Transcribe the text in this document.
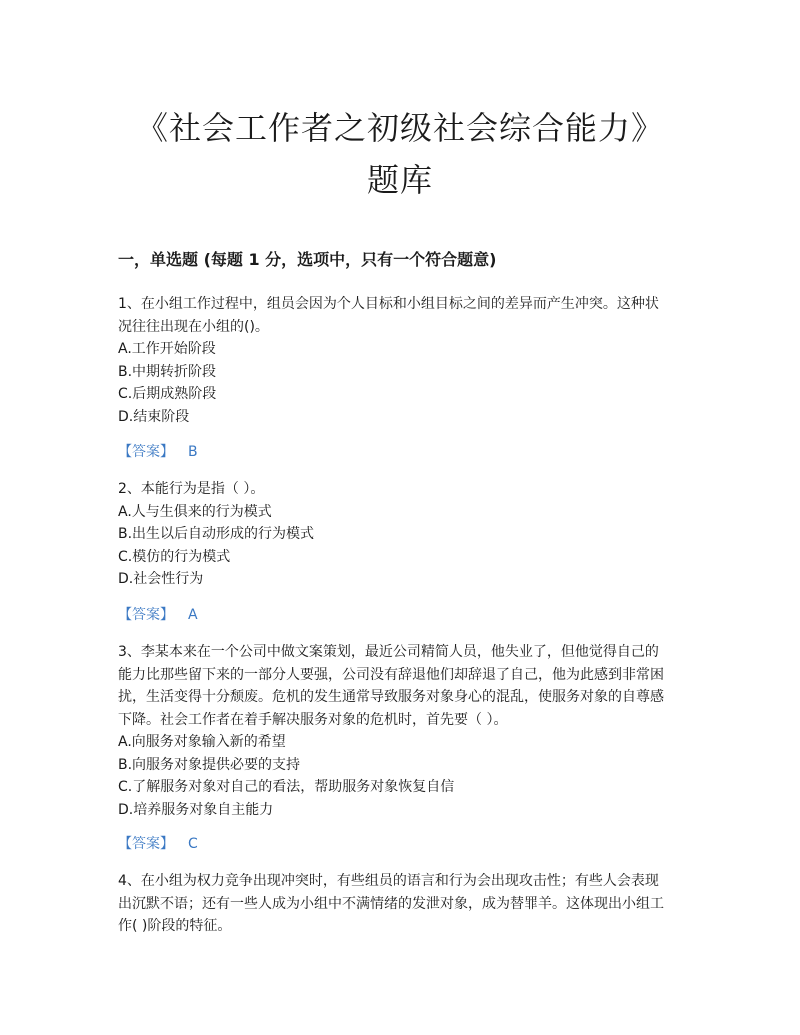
《社会工作者之初级社会综合能力》
题库
一，单选题 (每题 1 分，选项中，只有一个符合题意)

1、在小组工作过程中，组员会因为个人目标和小组目标之间的差异而产生冲突。这种状

况往往出现在小组的()。

A.工作开始阶段

B.中期转折阶段

C.后期成熟阶段

D.结束阶段

【答案】 B

2、本能行为是指（ ）。

A.人与生俱来的行为模式

B.出生以后自动形成的行为模式

C.模仿的行为模式

D.社会性行为

【答案】 A

3、李某本来在一个公司中做文案策划，最近公司精简人员，他失业了，但他觉得自己的

能力比那些留下来的一部分人要强，公司没有辞退他们却辞退了自己，他为此感到非常困

扰，生活变得十分颓废。危机的发生通常导致服务对象身心的混乱，使服务对象的自尊感

下降。社会工作者在着手解决服务对象的危机时，首先要（ ）。

A.向服务对象输入新的希望

B.向服务对象提供必要的支持

C.了解服务对象对自己的看法，帮助服务对象恢复自信

D.培养服务对象自主能力

【答案】 C

4、在小组为权力竞争出现冲突时，有些组员的语言和行为会出现攻击性；有些人会表现

出沉默不语；还有一些人成为小组中不满情绪的发泄对象，成为替罪羊。这体现出小组工

作( )阶段的特征。
